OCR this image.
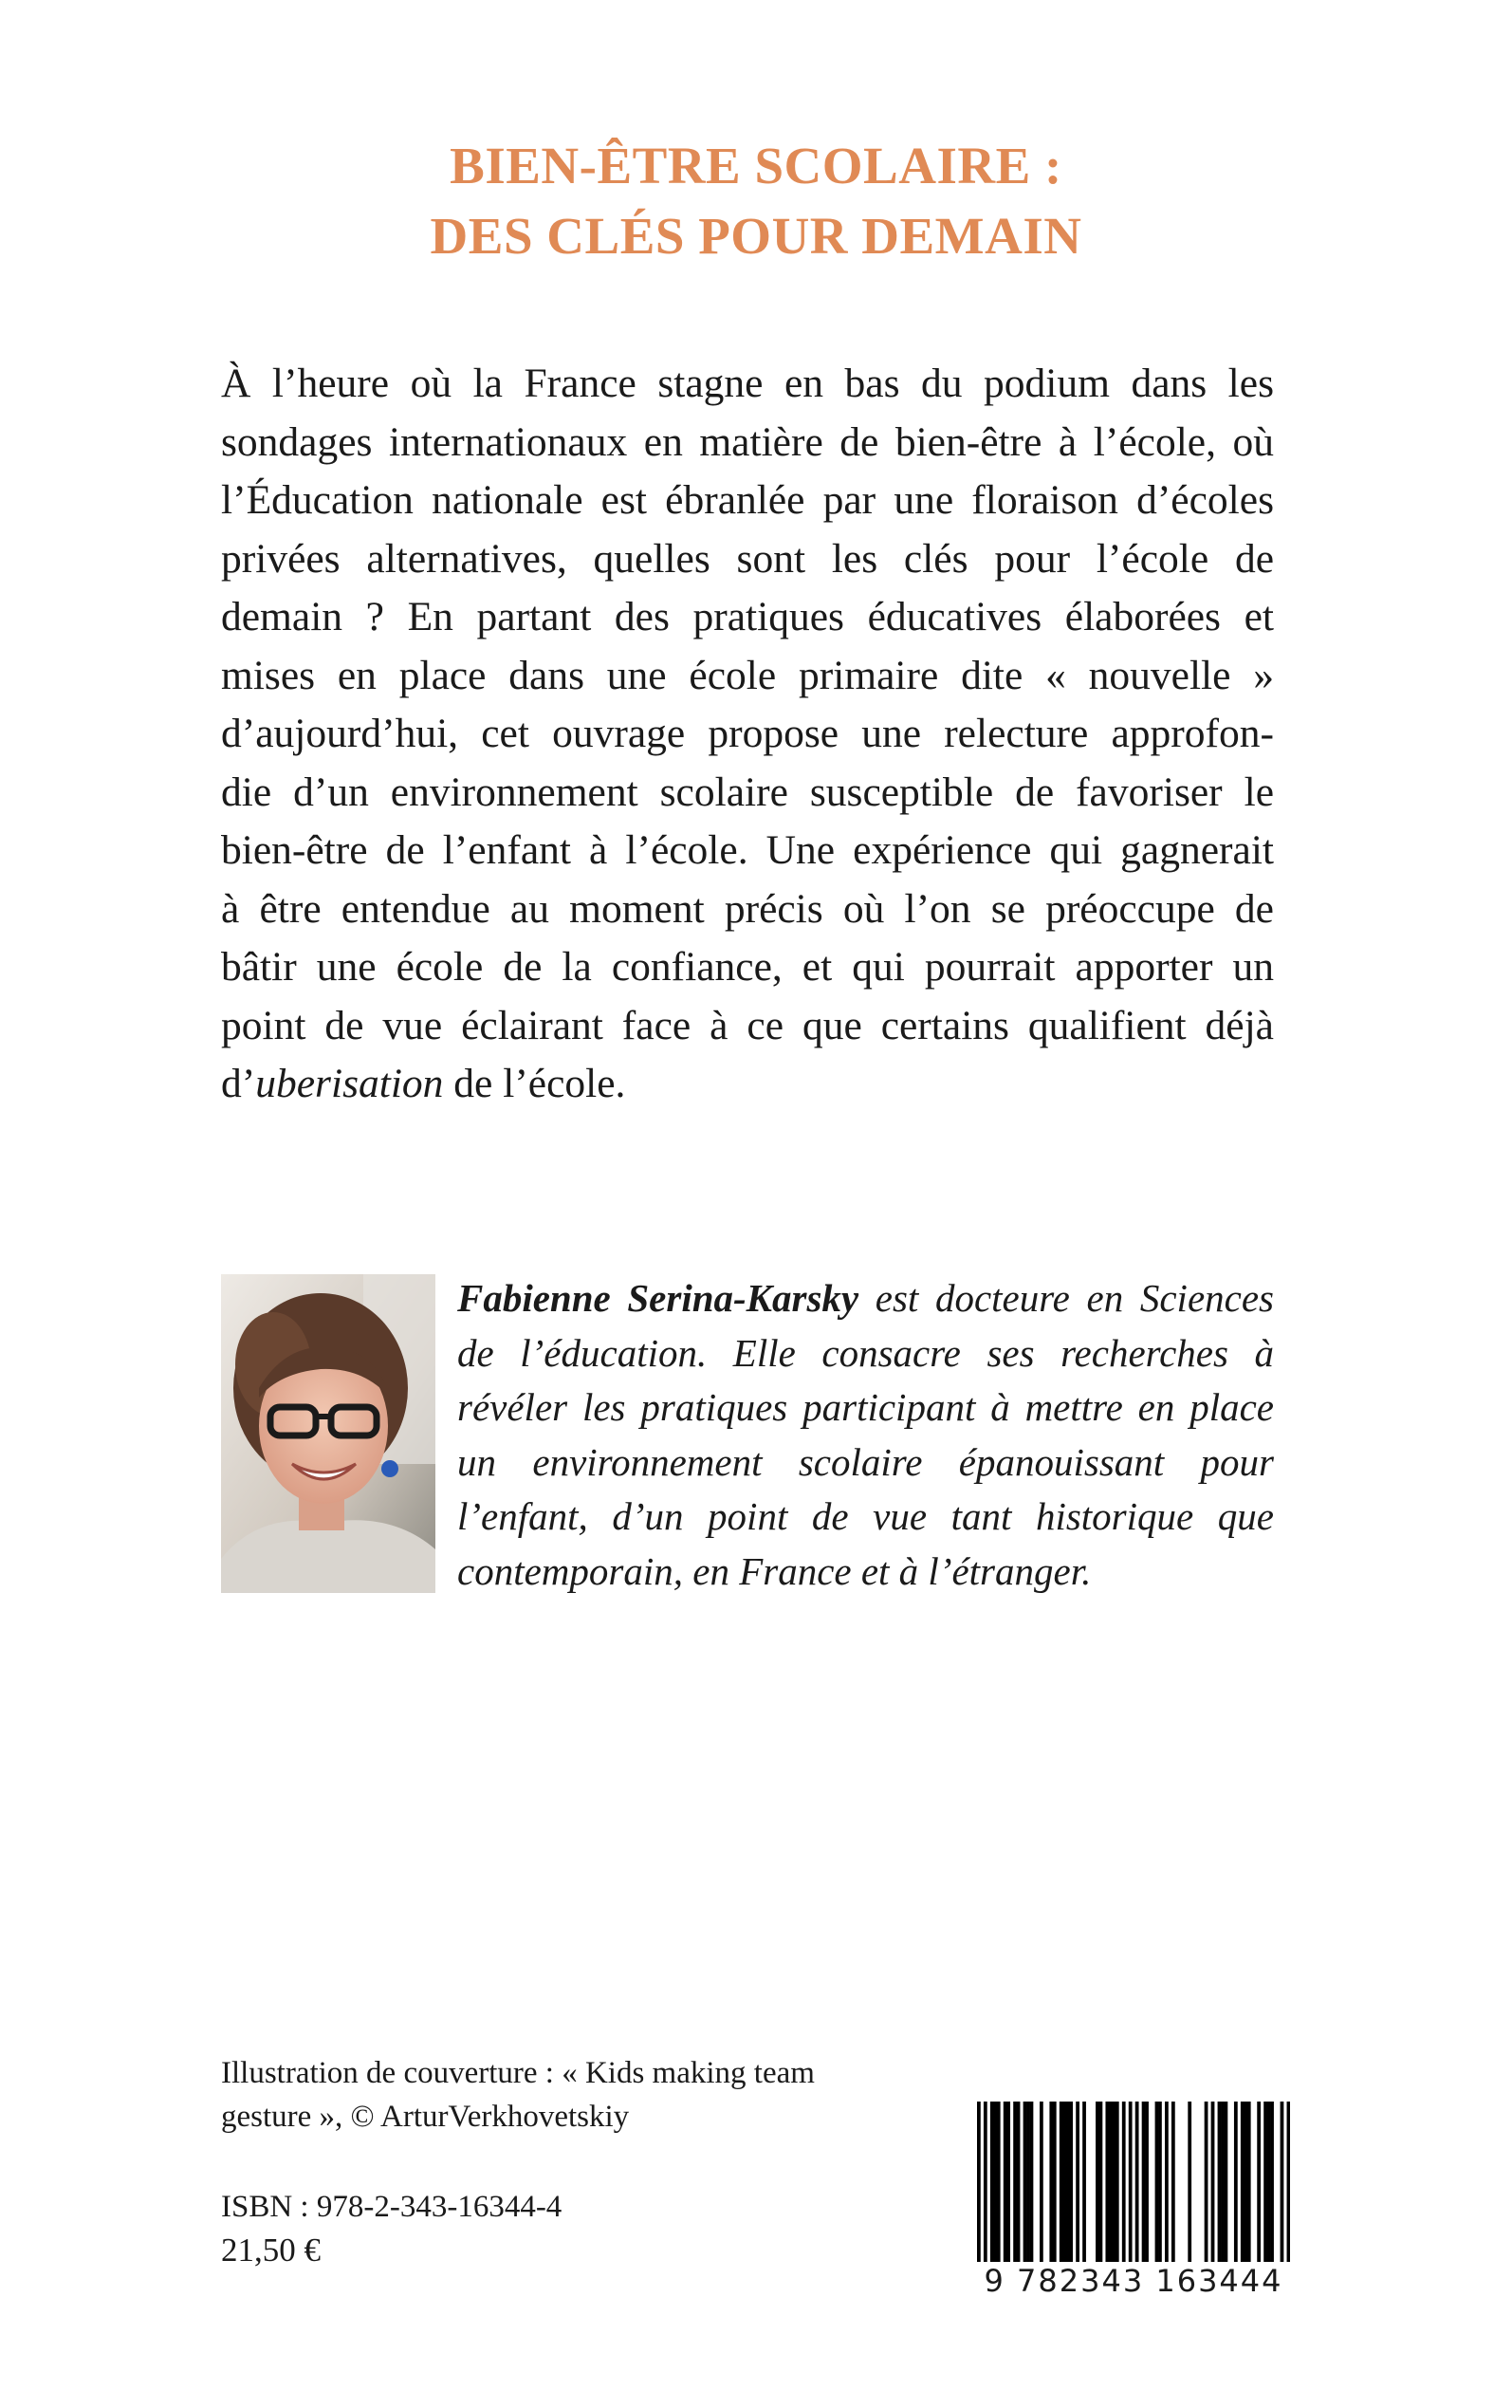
BIEN-ÊTRE SCOLAIRE :
DES CLÉS POUR DEMAIN
À l’heure où la France stagne en bas du podium dans les
sondages internationaux en matière de bien-être à l’école, où
l’Éducation nationale est ébranlée par une floraison d’écoles
privées alternatives, quelles sont les clés pour l’école de
demain ? En partant des pratiques éducatives élaborées et
mises en place dans une école primaire dite « nouvelle »
d’aujourd’hui, cet ouvrage propose une relecture approfon-
die d’un environnement scolaire susceptible de favoriser le
bien-être de l’enfant à l’école. Une expérience qui gagnerait
à être entendue au moment précis où l’on se préoccupe de
bâtir une école de la confiance, et qui pourrait apporter un
point de vue éclairant face à ce que certains qualifient déjà
d’uberisation de l’école.
Fabienne Serina-Karsky est docteure en Sciences
de l’éducation. Elle consacre ses recherches à
révéler les pratiques participant à mettre en place
un environnement scolaire épanouissant pour
l’enfant, d’un point de vue tant historique que
contemporain, en France et à l’étranger.
Illustration de couverture : « Kids making team
gesture », © ArturVerkhovetskiy
ISBN : 978-2-343-16344-4
21,50 €
9 782343 163444
